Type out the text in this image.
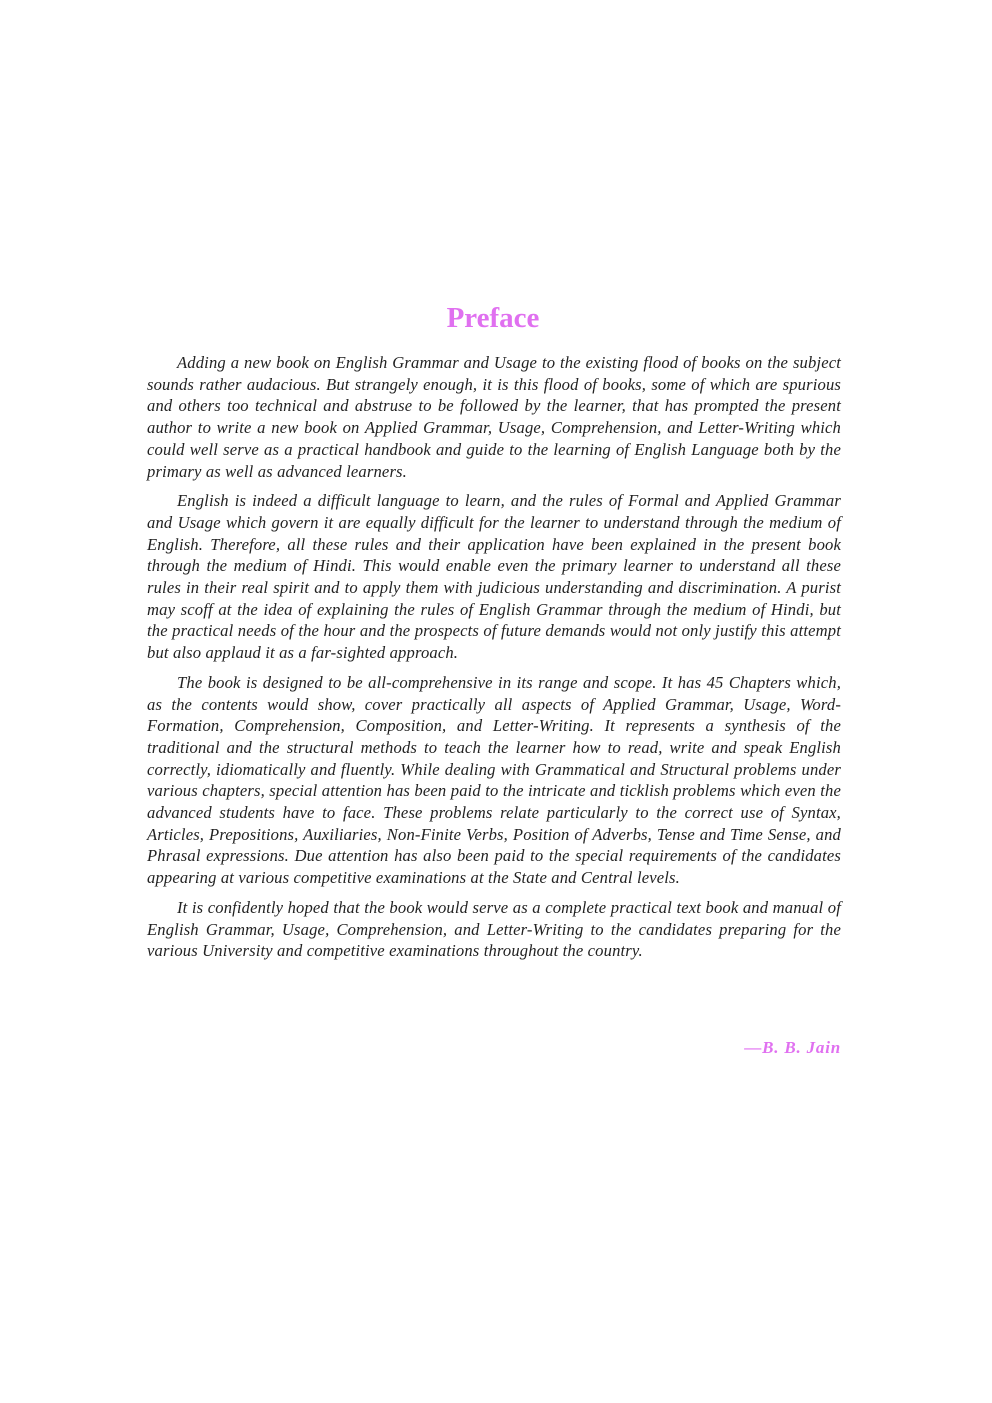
Preface

Adding a new book on English Grammar and Usage to the existing flood of books on the subject sounds rather audacious. But strangely enough, it is this flood of books, some of which are spurious and others too technical and abstruse to be followed by the learner, that has prompted the present author to write a new book on Applied Grammar, Usage, Comprehension, and Letter-Writing which could well serve as a practical handbook and guide to the learning of English Language both by the primary as well as advanced learners.

English is indeed a difficult language to learn, and the rules of Formal and Applied Grammar and Usage which govern it are equally difficult for the learner to understand through the medium of English. Therefore, all these rules and their application have been explained in the present book through the medium of Hindi. This would enable even the primary learner to understand all these rules in their real spirit and to apply them with judicious understanding and discrimination. A purist may scoff at the idea of explaining the rules of English Grammar through the medium of Hindi, but the practical needs of the hour and the prospects of future demands would not only justify this attempt but also applaud it as a far-sighted approach.

The book is designed to be all-comprehensive in its range and scope. It has 45 Chapters which, as the contents would show, cover practically all aspects of Applied Grammar, Usage, Word-Formation, Comprehension, Composition, and Letter-Writing. It represents a synthesis of the traditional and the structural methods to teach the learner how to read, write and speak English correctly, idiomatically and fluently. While dealing with Grammatical and Structural problems under various chapters, special attention has been paid to the intricate and ticklish problems which even the advanced students have to face. These problems relate particularly to the correct use of Syntax, Articles, Prepositions, Auxiliaries, Non-Finite Verbs, Position of Adverbs, Tense and Time Sense, and Phrasal expressions. Due attention has also been paid to the special requirements of the candidates appearing at various competitive examinations at the State and Central levels.

It is confidently hoped that the book would serve as a complete practical text book and manual of English Grammar, Usage, Comprehension, and Letter-Writing to the candidates preparing for the various University and competitive examinations throughout the country.

—B. B. Jain
